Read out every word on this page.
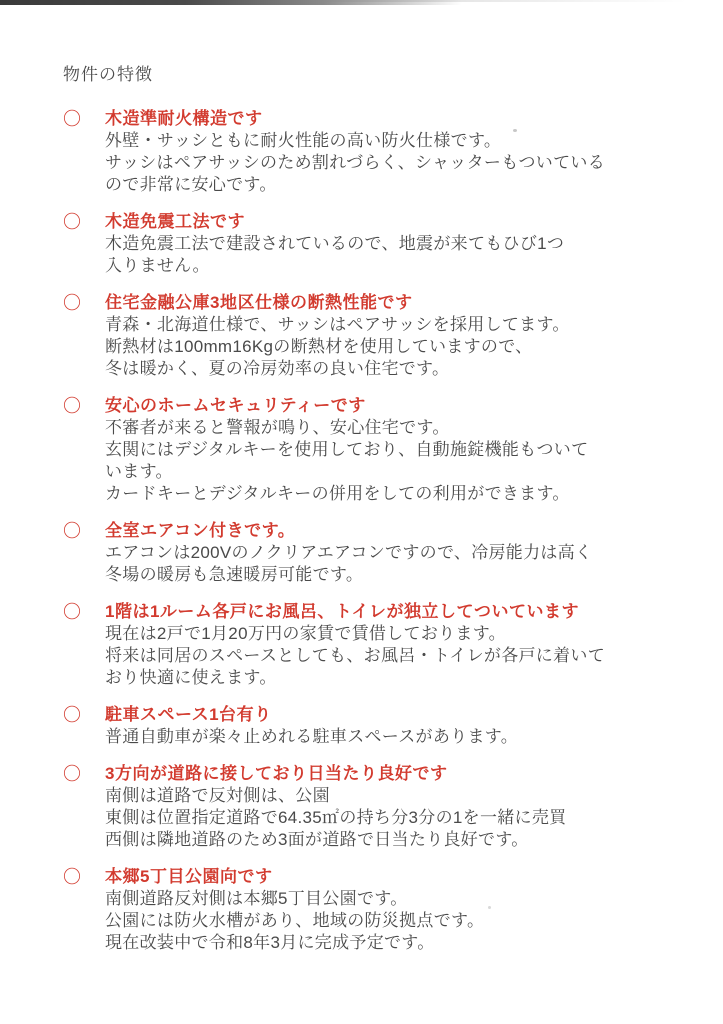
物件の特徴
〇	木造準耐火構造です
外壁・サッシともに耐火性能の高い防火仕様です。
サッシはペアサッシのため割れづらく、シャッターもついている
ので非常に安心です。
〇	木造免震工法です
木造免震工法で建設されているので、地震が来てもひび1つ
入りません。
〇	住宅金融公庫3地区仕様の断熱性能です
青森・北海道仕様で、サッシはペアサッシを採用してます。
断熱材は100mm16Kgの断熱材を使用していますので、
冬は暖かく、夏の冷房効率の良い住宅です。
〇	安心のホームセキュリティーです
不審者が来ると警報が鳴り、安心住宅です。
玄関にはデジタルキーを使用しており、自動施錠機能もついて
います。
カードキーとデジタルキーの併用をしての利用ができます。
〇	全室エアコン付きです。
エアコンは200Vのノクリアエアコンですので、冷房能力は高く
冬場の暖房も急速暖房可能です。
〇	1階は1ルーム各戸にお風呂、トイレが独立してついています
現在は2戸で1月20万円の家賃で賃借しております。
将来は同居のスペースとしても、お風呂・トイレが各戸に着いて
おり快適に使えます。
〇	駐車スペース1台有り
普通自動車が楽々止めれる駐車スペースがあります。
〇	3方向が道路に接しており日当たり良好です
南側は道路で反対側は、公園
東側は位置指定道路で64.35㎡の持ち分3分の1を一緒に売買
西側は隣地道路のため3面が道路で日当たり良好です。
〇	本郷5丁目公園向です
南側道路反対側は本郷5丁目公園です。
公園には防火水槽があり、地域の防災拠点です。
現在改装中で令和8年3月に完成予定です。
